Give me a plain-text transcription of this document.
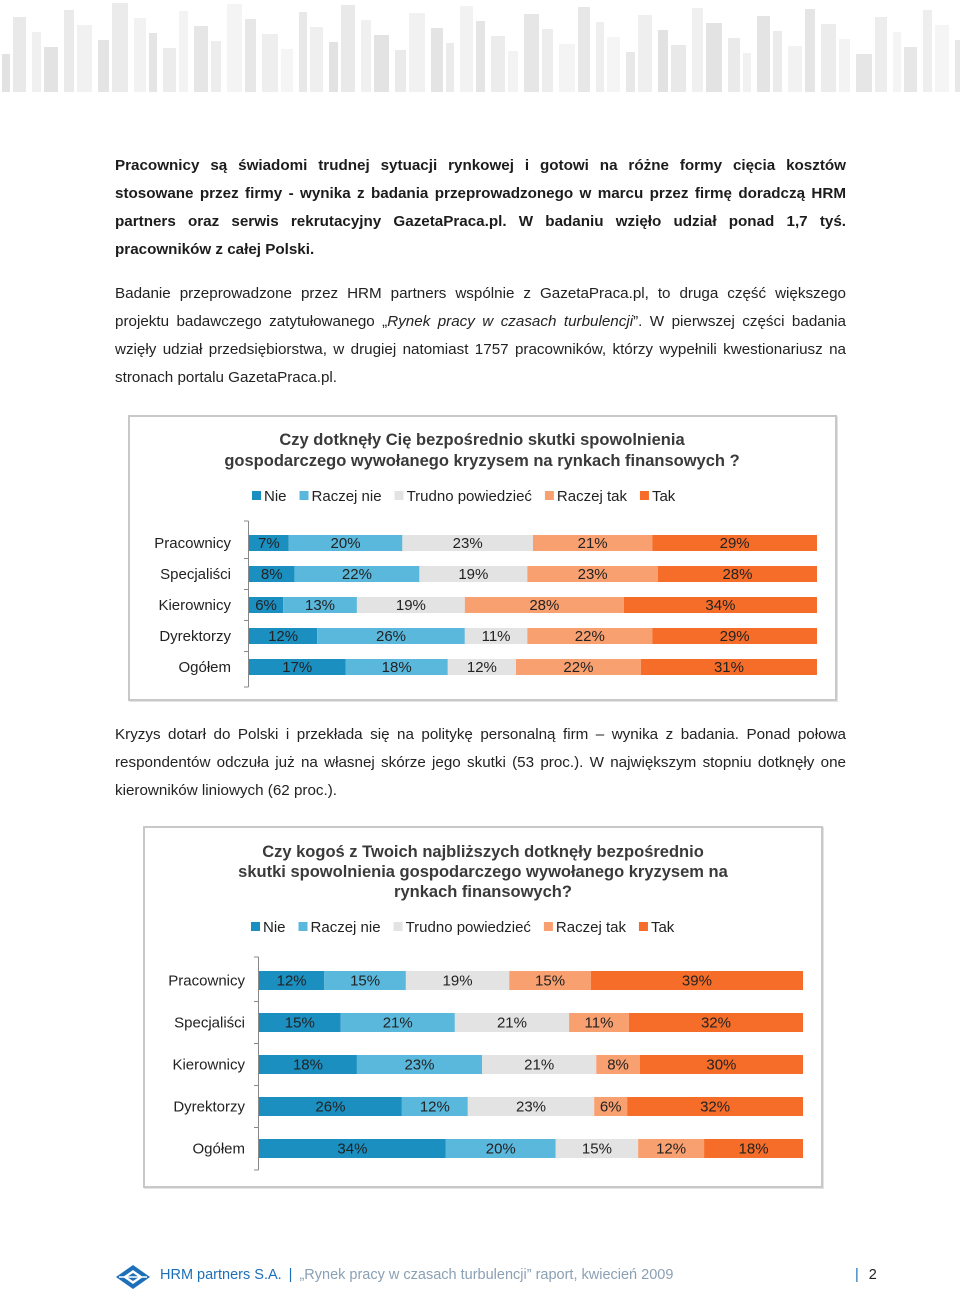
Pracownicy są świadomi trudnej sytuacji rynkowej i gotowi na różne formy cięcia kosztów stosowane przez firmy - wynika z badania przeprowadzonego w marcu przez firmę doradczą HRM partners oraz serwis rekrutacyjny GazetaPraca.pl. W badaniu wzięło udział ponad 1,7 tyś. pracowników z całej Polski.

Badanie przeprowadzone przez HRM partners wspólnie z GazetaPraca.pl, to druga część większego projektu badawczego zatytułowanego „Rynek pracy w czasach turbulencji”. W pierwszej części badania wzięły udział przedsiębiorstwa, w drugiej natomiast 1757 pracowników, którzy wypełnili kwestionariusz na stronach portalu GazetaPraca.pl.

Czy dotknęły Cię bezpośrednio skutki spowolnienia
gospodarczego wywołanego kryzysem na rynkach finansowych ?
Nie Raczej nie Trudno powiedzieć Raczej tak Tak
Pracownicy 7%	20%	23%	21%	29%
Specjaliści 8%	22%	19%	23%	28%
Kierownicy 6% 13%	19%	28%	34%
Dyrektorzy 12%	26%	11%	22%	29%
Ogółem	17%	18%	12%	22%	31%

Kryzys dotarł do Polski i przekłada się na politykę personalną firm – wynika z badania. Ponad połowa respondentów odczuła już na własnej skórze jego skutki (53 proc.). W największym stopniu dotknęły one kierowników liniowych (62 proc.).

Czy kogoś z Twoich najbliższych dotknęły bezpośrednio
skutki spowolnienia gospodarczego wywołanego kryzysem na
rynkach finansowych?
Nie Raczej nie Trudno powiedzieć Raczej tak Tak
Pracownicy 12%	15%	19%	15%	39%
Specjaliści	15%	21%	21%	11%	32%
Kierownicy	18%	23%	21%	8%	30%
Dyrektorzy	26%	12%	23%	6%	32%
Ogółem	34%	20%	15%	12%	18%
HRM partners S.A. | „Rynek pracy w czasach turbulencji” raport, kwiecień 2009	| 2
